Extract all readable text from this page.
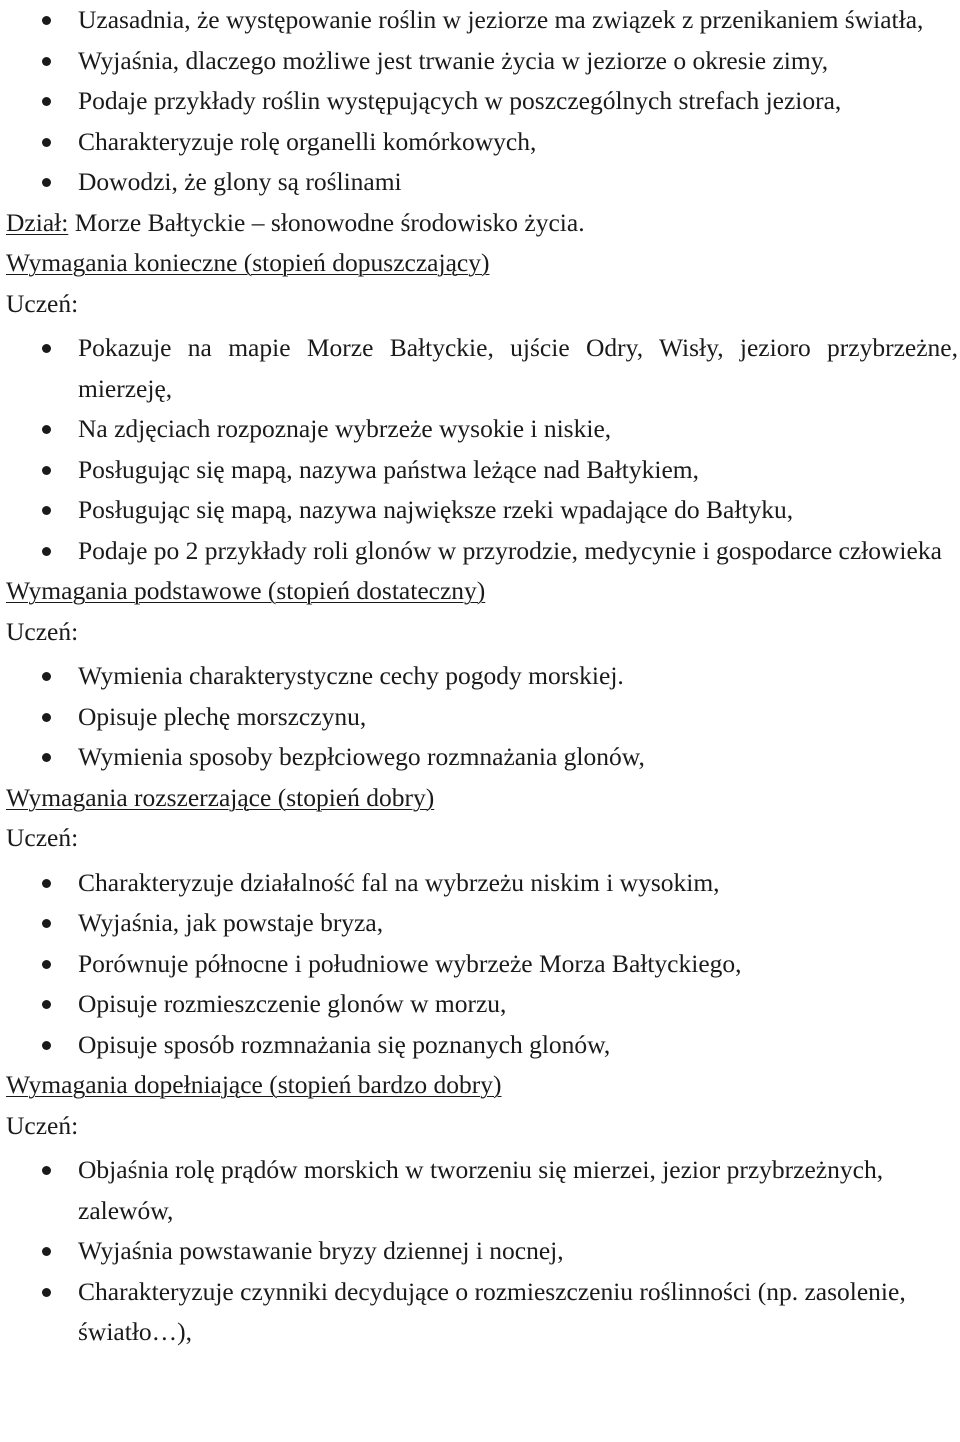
Uzasadnia, że występowanie roślin w jeziorze ma związek z przenikaniem światła,
Wyjaśnia, dlaczego możliwe jest trwanie życia w jeziorze o okresie zimy,
Podaje przykłady roślin występujących w poszczególnych strefach jeziora,
Charakteryzuje rolę organelli komórkowych,
Dowodzi, że glony są roślinami
Dział: Morze Bałtyckie – słonowodne środowisko życia.
Wymagania konieczne (stopień dopuszczający)
Uczeń:
Pokazuje na mapie Morze Bałtyckie, ujście Odry, Wisły, jezioro przybrzeżne, mierzeję,
Na zdjęciach rozpoznaje wybrzeże wysokie i niskie,
Posługując się mapą, nazywa państwa leżące nad Bałtykiem,
Posługując się mapą, nazywa największe rzeki wpadające do Bałtyku,
Podaje po 2 przykłady roli glonów w przyrodzie, medycynie i gospodarce człowieka
Wymagania podstawowe (stopień dostateczny)
Uczeń:
Wymienia charakterystyczne cechy pogody morskiej.
Opisuje plechę morszczynu,
Wymienia sposoby bezpłciowego rozmnażania glonów,
Wymagania rozszerzające (stopień dobry)
Uczeń:
Charakteryzuje działalność fal na wybrzeżu niskim i wysokim,
Wyjaśnia, jak powstaje bryza,
Porównuje północne i południowe wybrzeże Morza Bałtyckiego,
Opisuje rozmieszczenie glonów w morzu,
Opisuje sposób rozmnażania się poznanych glonów,
Wymagania dopełniające (stopień bardzo dobry)
Uczeń:
Objaśnia rolę prądów morskich w tworzeniu się mierzei, jezior przybrzeżnych, zalewów,
Wyjaśnia powstawanie bryzy dziennej i nocnej,
Charakteryzuje czynniki decydujące o rozmieszczeniu roślinności (np. zasolenie, światło…),
